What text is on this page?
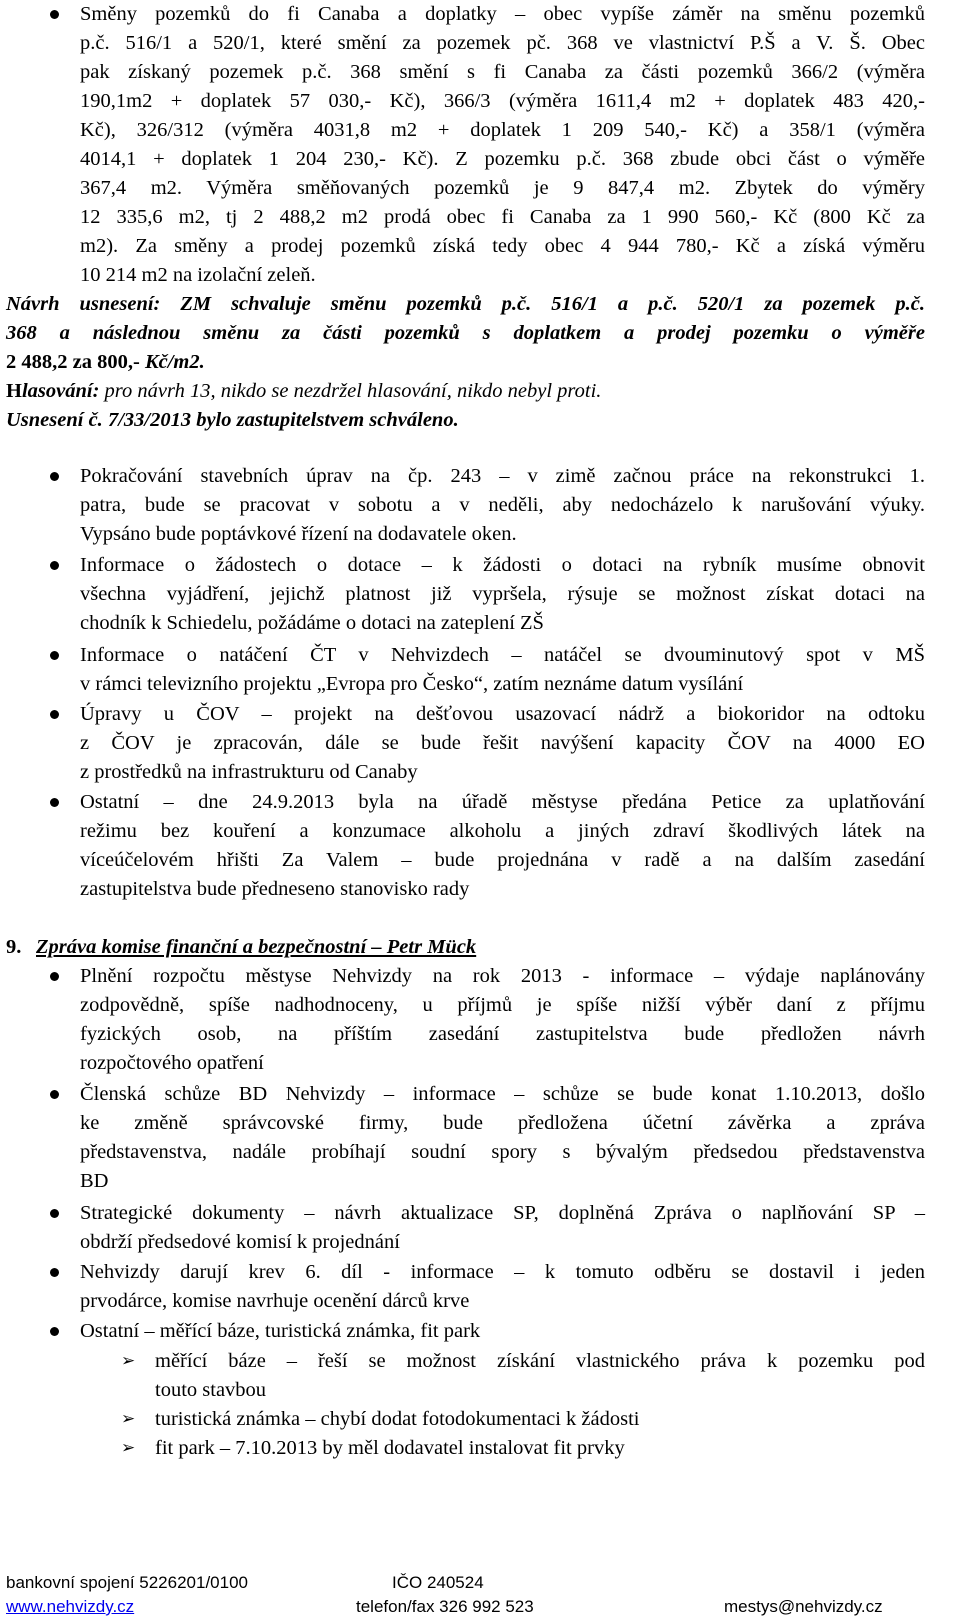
Směny pozemků do fi Canaba a doplatky – obec vypíše záměr na směnu pozemků
p.č. 516/1 a 520/1, které smění za pozemek pč. 368 ve vlastnictví P.Š a V. Š. Obec
pak získaný pozemek p.č. 368 smění s fi Canaba za části pozemků 366/2 (výměra
190,1m2 + doplatek 57 030,- Kč), 366/3 (výměra 1611,4 m2 + doplatek 483 420,-
Kč), 326/312 (výměra 4031,8 m2 + doplatek 1 209 540,- Kč) a 358/1 (výměra
4014,1 + doplatek 1 204 230,- Kč). Z pozemku p.č. 368 zbude obci část o výměře
367,4 m2. Výměra směňovaných pozemků je 9 847,4 m2. Zbytek do výměry
12 335,6 m2, tj 2 488,2 m2 prodá obec fi Canaba za 1 990 560,- Kč (800 Kč za
m2). Za směny a prodej pozemků získá tedy obec 4 944 780,- Kč a získá výměru
10 214 m2 na izolační zeleň.
Návrh usnesení: ZM schvaluje směnu pozemků p.č. 516/1 a p.č. 520/1 za pozemek p.č.
368 a následnou směnu za části pozemků s doplatkem a prodej pozemku o výměře
2 488,2 za 800,- Kč/m2.
Hlasování: pro návrh 13, nikdo se nezdržel hlasování, nikdo nebyl proti.
Usnesení č. 7/33/2013 bylo zastupitelstvem schváleno.
Pokračování stavebních úprav na čp. 243 – v zimě začnou práce na rekonstrukci 1.
patra, bude se pracovat v sobotu a v neděli, aby nedocházelo k narušování výuky.
Vypsáno bude poptávkové řízení na dodavatele oken.
Informace o žádostech o dotace – k žádosti o dotaci na rybník musíme obnovit
všechna vyjádření, jejichž platnost již vypršela, rýsuje se možnost získat dotaci na
chodník k Schiedelu, požádáme o dotaci na zateplení ZŠ
Informace o natáčení ČT v Nehvizdech – natáčel se dvouminutový spot v MŠ
v rámci televizního projektu „Evropa pro Česko“, zatím neznáme datum vysílání
Úpravy u ČOV – projekt na dešťovou usazovací nádrž a biokoridor na odtoku
z ČOV je zpracován, dále se bude řešit navýšení kapacity ČOV na 4000 EO
z prostředků na infrastrukturu od Canaby
Ostatní – dne 24.9.2013 byla na úřadě městyse předána Petice za uplatňování
režimu bez kouření a konzumace alkoholu a jiných zdraví škodlivých látek na
víceúčelovém hřišti Za Valem – bude projednána v radě a na dalším zasedání
zastupitelstva bude předneseno stanovisko rady
9. Zpráva komise finanční a bezpečnostní – Petr Mück
Plnění rozpočtu městyse Nehvizdy na rok 2013 - informace – výdaje naplánovány
zodpovědně, spíše nadhodnoceny, u příjmů je spíše nižší výběr daní z příjmu
fyzických osob, na příštím zasedání zastupitelstva bude předložen návrh
rozpočtového opatření
Členská schůze BD Nehvizdy – informace – schůze se bude konat 1.10.2013, došlo
ke změně správcovské firmy, bude předložena účetní závěrka a zpráva
představenstva, nadále probíhají soudní spory s bývalým předsedou představenstva
BD
Strategické dokumenty – návrh aktualizace SP, doplněná Zpráva o naplňování SP –
obdrží předsedové komisí k projednání
Nehvizdy darují krev 6. díl - informace – k tomuto odběru se dostavil i jeden
prvodárce, komise navrhuje ocenění dárců krve
Ostatní – měřící báze, turistická známka, fit park
➢ měřící báze – řeší se možnost získání vlastnického práva k pozemku pod
touto stavbou
➢ turistická známka – chybí dodat fotodokumentaci k žádosti
➢ fit park – 7.10.2013 by měl dodavatel instalovat fit prvky
bankovní spojení 5226201/0100	IČO 240524
www.nehvizdy.cz	telefon/fax 326 992 523	mestys@nehvizdy.cz
